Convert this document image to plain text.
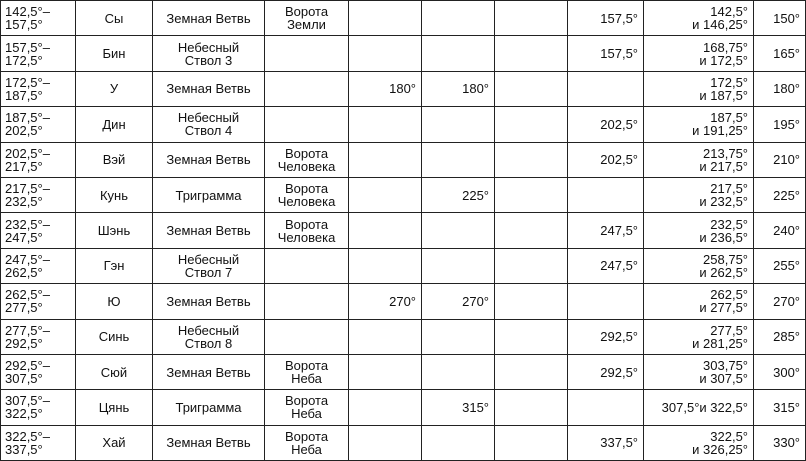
142,5°–
157,5°	Сы	Земная Ветвь	Ворота
Земли				157,5°	142,5°
и 146,25°	150°

157,5°–
172,5°	Бин	Небесный
Ствол 3					157,5°	168,75°
и 172,5°	165°

172,5°–
187,5°	У	Земная Ветвь		180°	180°			172,5°
и 187,5°	180°

187,5°–
202,5°	Дин	Небесный
Ствол 4					202,5°	187,5°
и 191,25°	195°

202,5°–
217,5°	Вэй	Земная Ветвь	Ворота
Человека				202,5°	213,75°
и 217,5°	210°

217,5°–
232,5°	Кунь	Триграмма	Ворота
Человека		225°			217,5°
и 232,5°	225°

232,5°–
247,5°	Шэнь	Земная Ветвь	Ворота
Человека				247,5°	232,5°
и 236,5°	240°

247,5°–
262,5°	Гэн	Небесный
Ствол 7					247,5°	258,75°
и 262,5°	255°

262,5°–
277,5°	Ю	Земная Ветвь		270°	270°			262,5°
и 277,5°	270°

277,5°–
292,5°	Синь	Небесный
Ствол 8					292,5°	277,5°
и 281,25°	285°

292,5°–
307,5°	Сюй	Земная Ветвь	Ворота
Неба				292,5°	303,75°
и 307,5°	300°

307,5°–
322,5°	Цянь	Триграмма	Ворота
Неба		315°			307,5°и 322,5°	315°

322,5°–
337,5°	Хай	Земная Ветвь	Ворота
Неба				337,5°	322,5°
и 326,25°	330°
